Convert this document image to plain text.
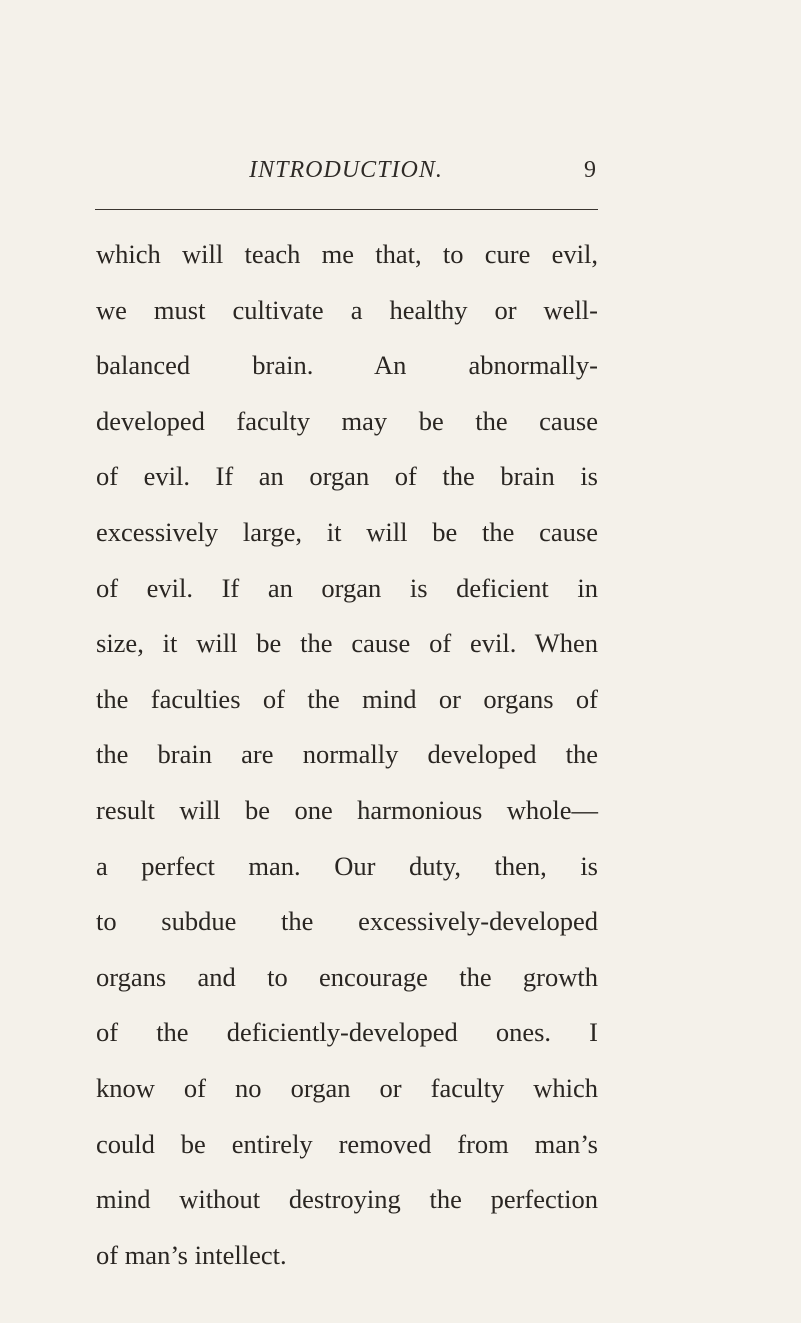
INTRODUCTION.	9
which will teach me that, to cure evil,
we must cultivate a healthy or well-
balanced brain. An abnormally-
developed faculty may be the cause
of evil. If an organ of the brain is
excessively large, it will be the cause
of evil. If an organ is deficient in
size, it will be the cause of evil. When
the faculties of the mind or organs of
the brain are normally developed the
result will be one harmonious whole—
a perfect man. Our duty, then, is
to subdue the excessively-developed
organs and to encourage the growth
of the deficiently-developed ones. I
know of no organ or faculty which
could be entirely removed from man’s
mind without destroying the perfection
of man’s intellect.
